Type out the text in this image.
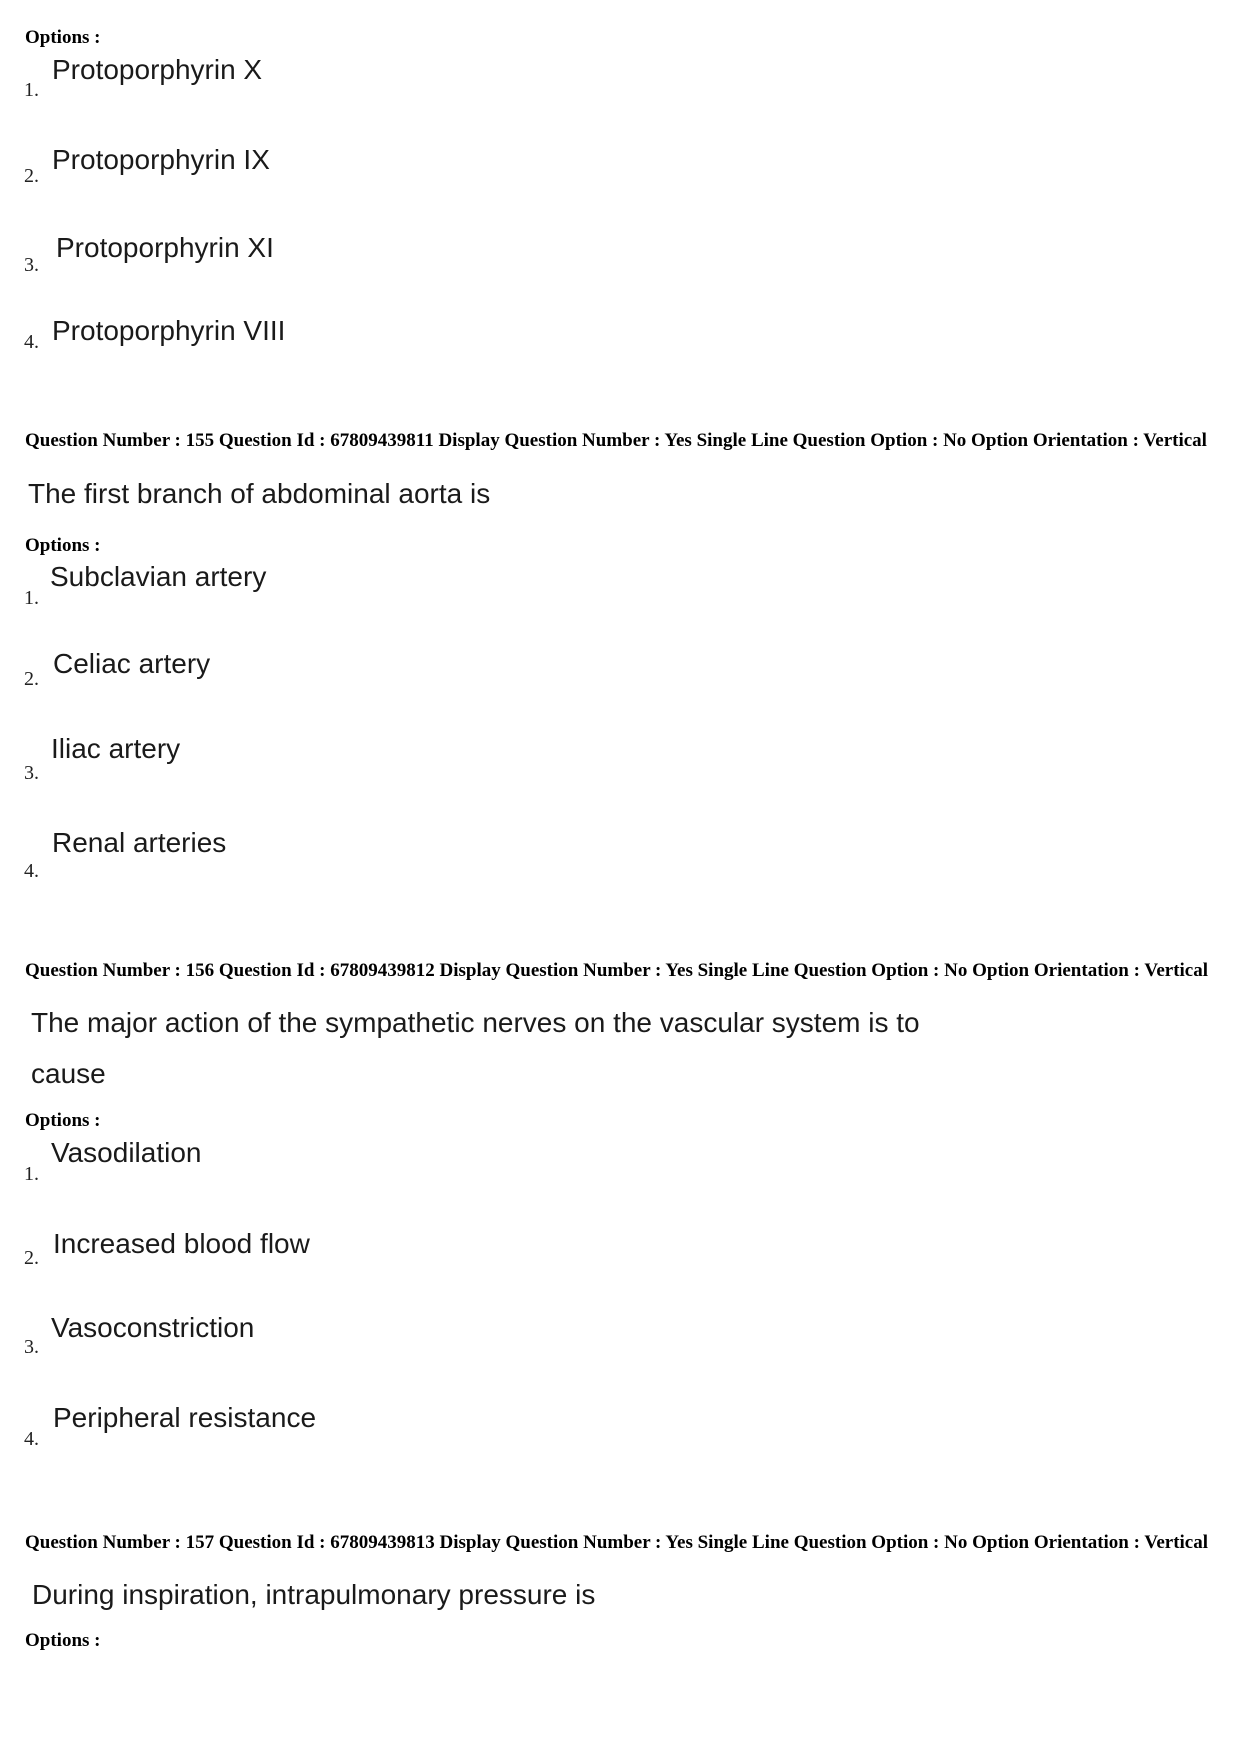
Options :
1.
Protoporphyrin X
2.
Protoporphyrin IX
3.
Protoporphyrin XI
4. Protoporphyrin VIII
Question Number : 155 Question Id : 67809439811 Display Question Number : Yes Single Line Question Option : No Option Orientation : Vertical
The first branch of abdominal aorta is
Options :
1.
Subclavian artery
2. Celiac artery
3.
Iliac artery
4.
Renal arteries
Question Number : 156 Question Id : 67809439812 Display Question Number : Yes Single Line Question Option : No Option Orientation : Vertical
The major action of the sympathetic nerves on the vascular system is to
cause
Options :
1.
Vasodilation
2. Increased blood flow
3.
Vasoconstriction
4.
Peripheral resistance
Question Number : 157 Question Id : 67809439813 Display Question Number : Yes Single Line Question Option : No Option Orientation : Vertical
During inspiration, intrapulmonary pressure is
Options :
